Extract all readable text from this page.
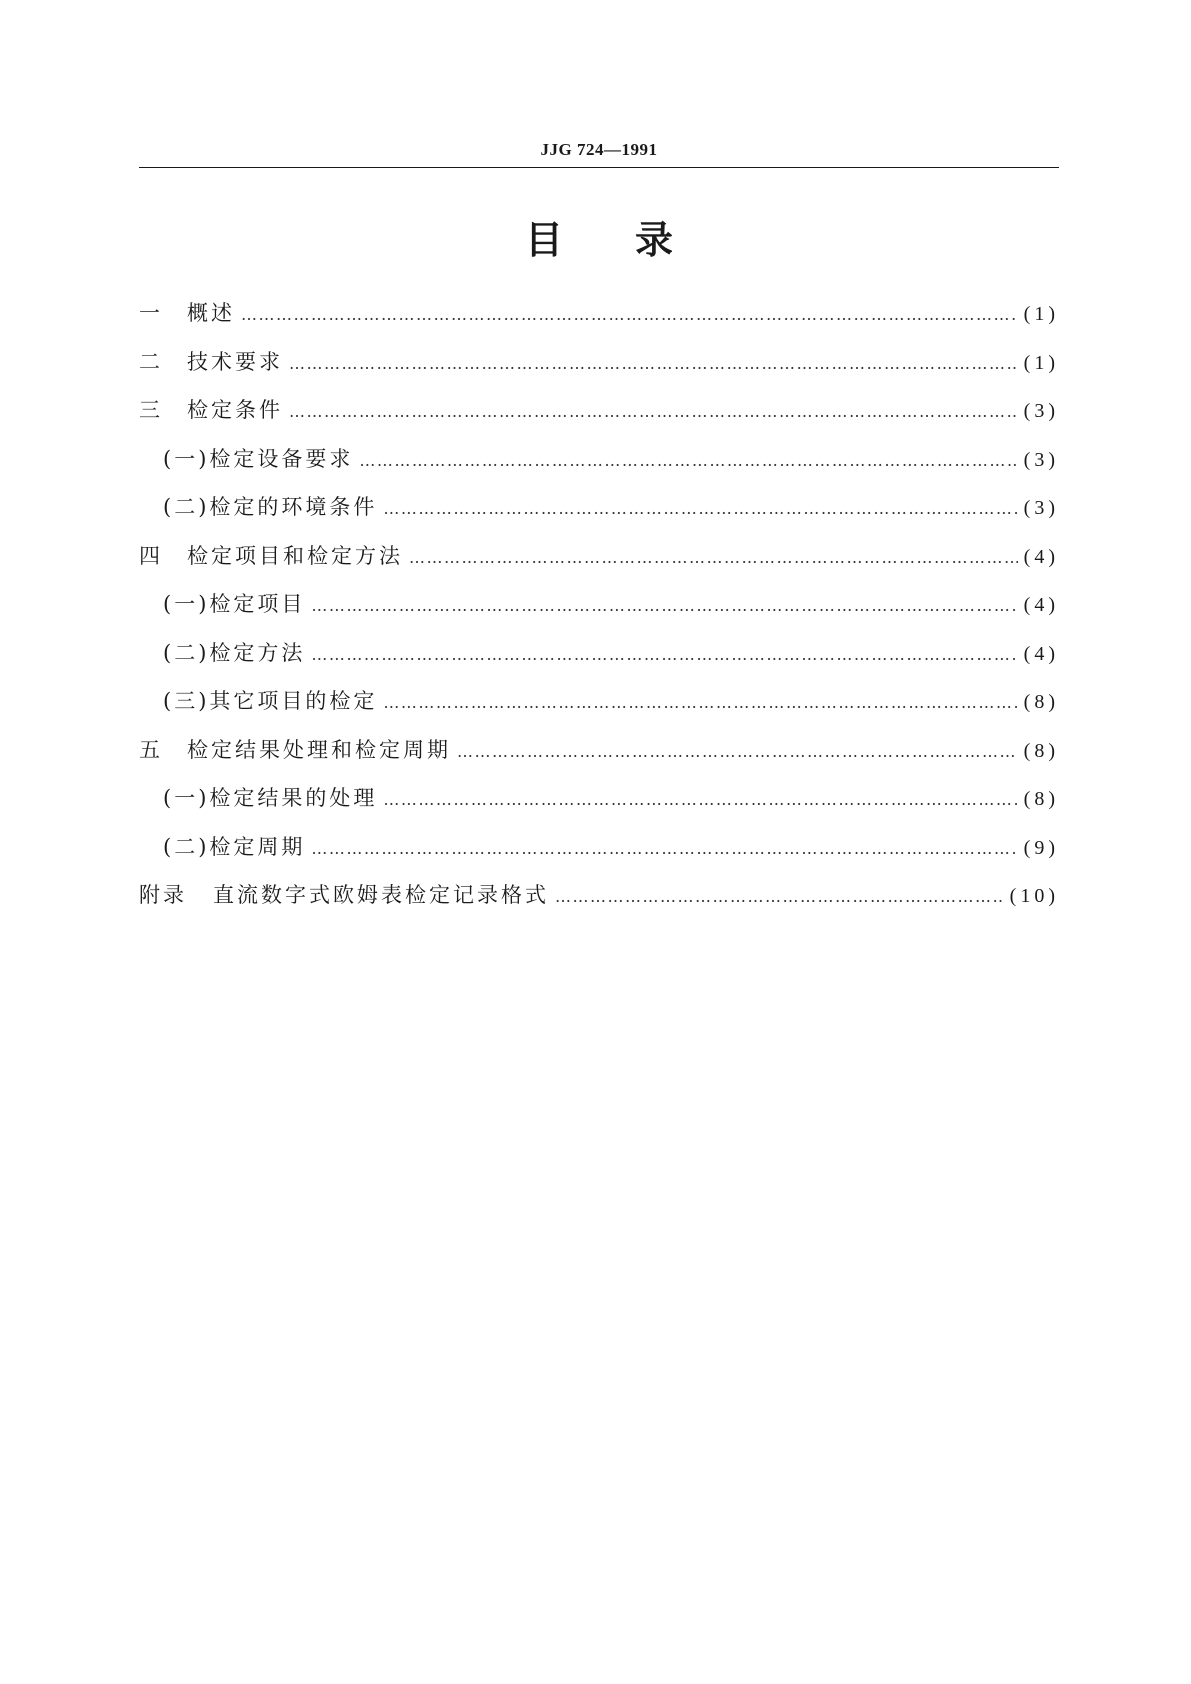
JJG 724—1991
目录
一 概述 ……………………………………………………………………………………………………………………………………………………………………………………………………	(1)
二 技术要求 ……………………………………………………………………………………………………………………………………………………………………………………………………	(1)
三 检定条件 ……………………………………………………………………………………………………………………………………………………………………………………………………	(3)
(一)检定设备要求 ……………………………………………………………………………………………………………………………………………………………………………………………………	(3)
(二)检定的环境条件 ……………………………………………………………………………………………………………………………………………………………………………………………………	(3)
四 检定项目和检定方法 ……………………………………………………………………………………………………………………………………………………………………………………………………	(4)
(一)检定项目 ……………………………………………………………………………………………………………………………………………………………………………………………………	(4)
(二)检定方法 ……………………………………………………………………………………………………………………………………………………………………………………………………	(4)
(三)其它项目的检定 ……………………………………………………………………………………………………………………………………………………………………………………………………	(8)
五 检定结果处理和检定周期 ……………………………………………………………………………………………………………………………………………………………………………………………………	(8)
(一)检定结果的处理 ……………………………………………………………………………………………………………………………………………………………………………………………………	(8)
(二)检定周期 ……………………………………………………………………………………………………………………………………………………………………………………………………	(9)
附录 直流数字式欧姆表检定记录格式 ……………………………………………………………………………………………………………………………………………………………………………………………………	(10)
